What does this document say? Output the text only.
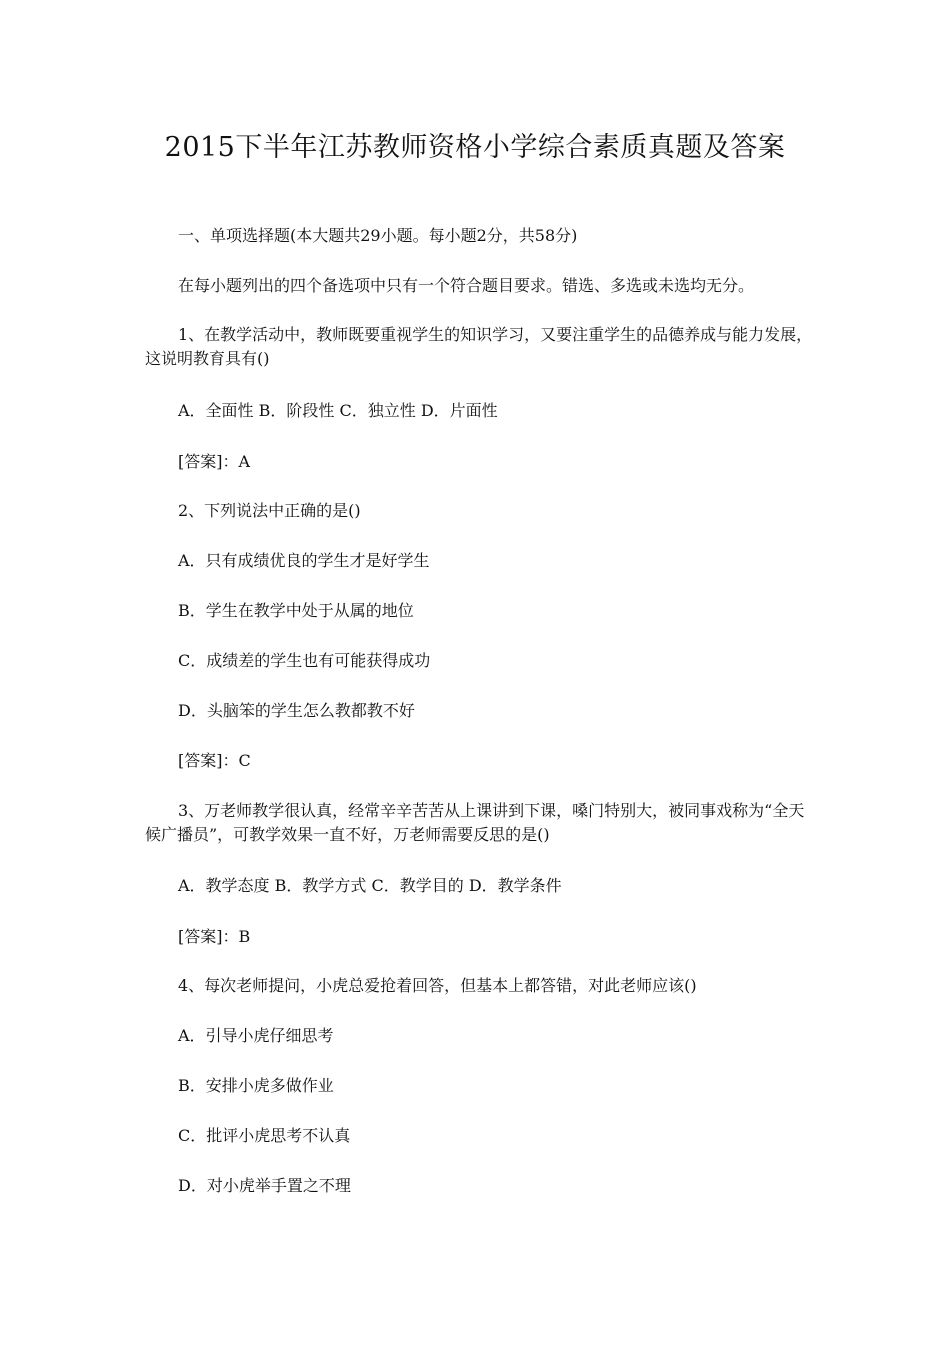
2015下半年江苏教师资格小学综合素质真题及答案
一、单项选择题(本大题共29小题。每小题2分，共58分)
在每小题列出的四个备选项中只有一个符合题目要求。错选、多选或未选均无分。
1、在教学活动中，教师既要重视学生的知识学习，又要注重学生的品德养成与能力发展，这说明教育具有()
A．全面性 B．阶段性 C．独立性 D．片面性
[答案]：A
2、下列说法中正确的是()
A．只有成绩优良的学生才是好学生
B．学生在教学中处于从属的地位
C．成绩差的学生也有可能获得成功
D．头脑笨的学生怎么教都教不好
[答案]：C
3、万老师教学很认真，经常辛辛苦苦从上课讲到下课，嗓门特别大，被同事戏称为“全天候广播员”，可教学效果一直不好，万老师需要反思的是()
A．教学态度 B．教学方式 C．教学目的 D．教学条件
[答案]：B
4、每次老师提问，小虎总爱抢着回答，但基本上都答错，对此老师应该()
A．引导小虎仔细思考
B．安排小虎多做作业
C．批评小虎思考不认真
D．对小虎举手置之不理
